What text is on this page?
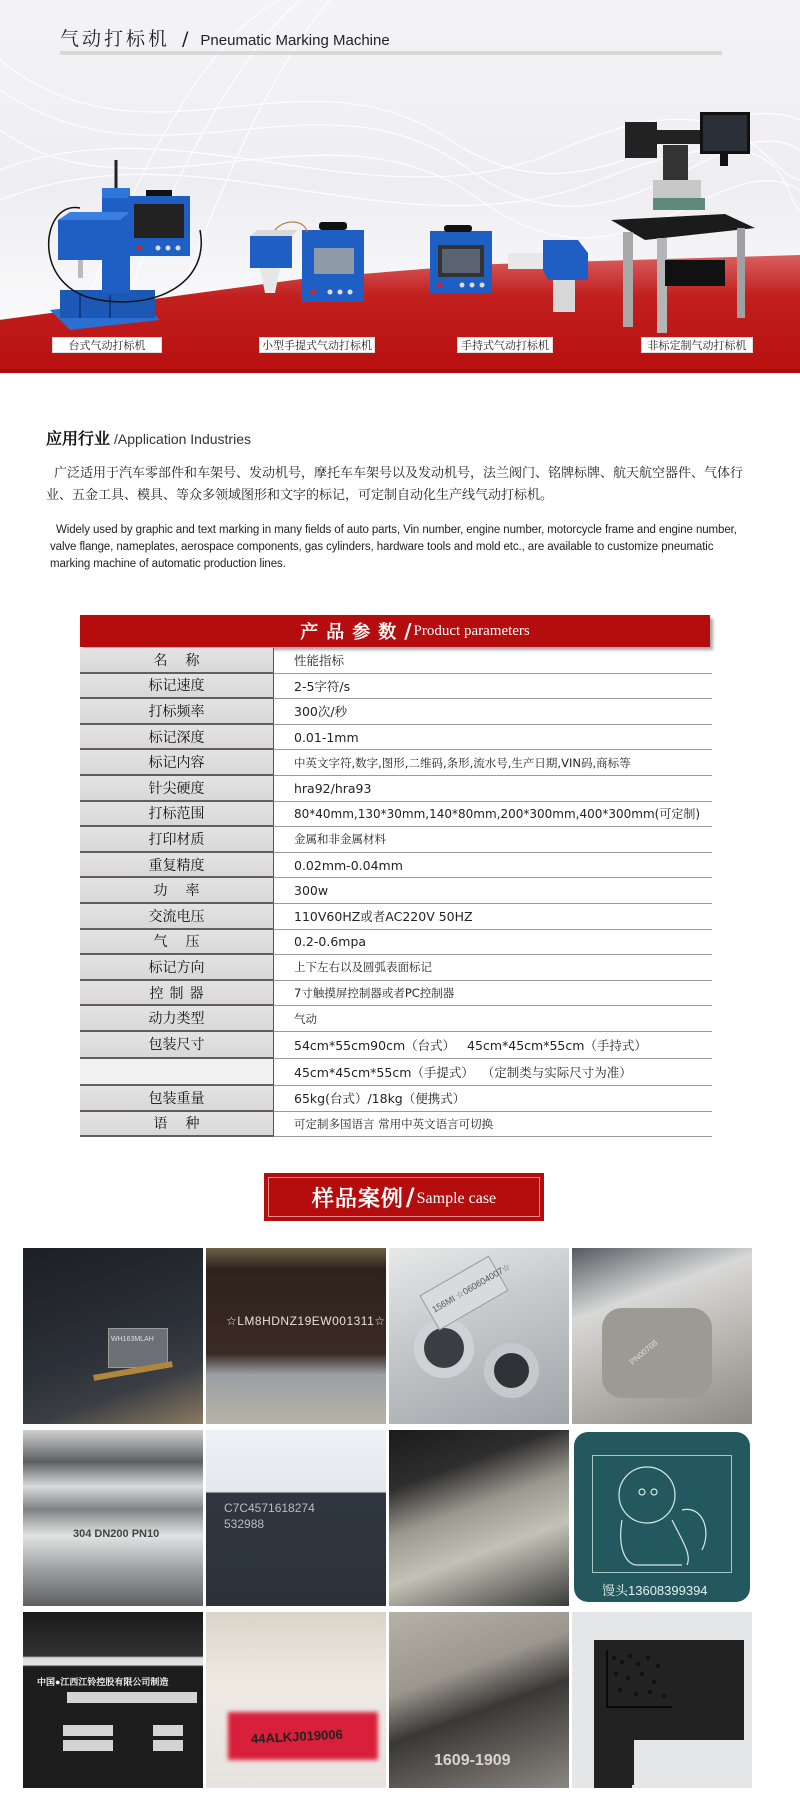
气动打标机 / Pneumatic Marking Machine
台式气动打标机	小型手提式气动打标机	手持式气动打标机	非标定制气动打标机
应用行业 /Application Industries

广泛适用于汽车零部件和车架号、发动机号，摩托车车架号以及发动机号，法兰阀门、铭牌标牌、航天航空器件、气体行业、五金工具、模具、等众多领域图形和文字的标记，可定制自动化生产线气动打标机。

Widely used by graphic and text marking in many fields of auto parts, Vin number, engine number, motorcycle frame and engine number, valve flange, nameplates, aerospace components, gas cylinders, hardware tools and mold etc., are available to customize pneumatic marking machine of automatic production lines.

产品参数 / Product parameters
名称	性能指标
标记速度	2-5字符/s
打标频率	300次/秒
标记深度	0.01-1mm
标记内容	中英文字符,数字,图形,二维码,条形,流水号,生产日期,VIN码,商标等
针尖硬度	hra92/hra93
打标范围	80*40mm,130*30mm,140*80mm,200*300mm,400*300mm(可定制)
打印材质	金属和非金属材料
重复精度	0.02mm-0.04mm
功率	300w
交流电压	110V60HZ或者AC220V 50HZ
气压	0.2-0.6mpa
标记方向	上下左右以及圆弧表面标记
控制器	7寸触摸屏控制器或者PC控制器
动力类型	气动
包装尺寸	54cm*55cm90cm（台式）   45cm*45cm*55cm（手持式）
45cm*45cm*55cm（手提式）  （定制类与实际尺寸为准）
包装重量	65kg(台式）/18kg（便携式）
语种	可定制多国语言 常用中英文语言可切换
样品案例 / Sample case
WH163MLAH
☆LM8HDNZ19EW001311☆
156MI ☆060604007☆
PN00708
304 DN200 PN10
C7C4571618274 532988
馒头13608399394
中国●江西江铃控股有限公司制造
44ALKJ019006
1609-1909
